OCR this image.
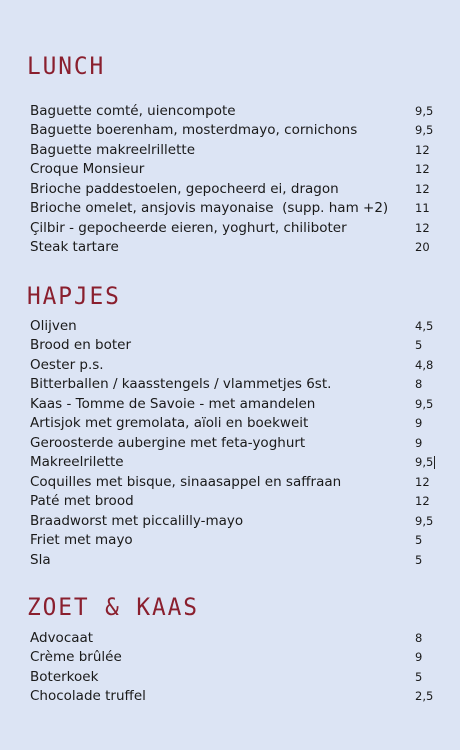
LUNCH
Baguette comté, uiencompote	9,5
Baguette boerenham, mosterdmayo, cornichons	9,5
Baguette makreelrillette	12
Croque Monsieur	12
Brioche paddestoelen, gepocheerd ei, dragon	12
Brioche omelet, ansjovis mayonaise  (supp. ham +2) 11
Çilbir - gepocheerde eieren, yoghurt, chiliboter	12
Steak tartare	20
HAPJES
Olijven	4,5
Brood en boter	5
Oester p.s.	4,8
Bitterballen / kaasstengels / vlammetjes 6st.	8
Kaas - Tomme de Savoie - met amandelen	9,5
Artisjok met gremolata, aïoli en boekweit	9
Geroosterde aubergine met feta-yoghurt	9
Makreelrilette	9,5
Coquilles met bisque, sinaasappel en saffraan	12
Paté met brood	12
Braadworst met piccalilly-mayo	9,5
Friet met mayo	5
Sla	5
ZOET & KAAS
Advocaat	8
Crème brûlée	9
Boterkoek	5
Chocolade truffel	2,5
